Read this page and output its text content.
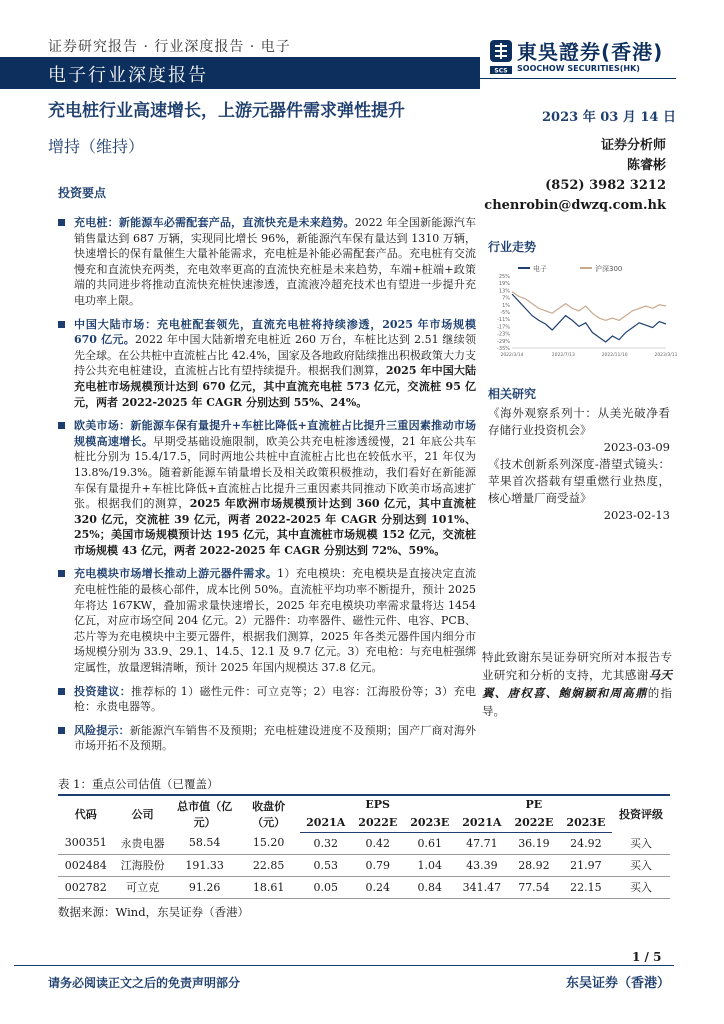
证券研究报告 · 行业深度报告 · 电子
电子行业深度报告	SCS
東吳證券(香港)
SOOCHOW SECURITIES(HK)
充电桩行业高速增长，上游元器件需求弹性提升	2023 年 03 月 14 日
增持（维持）	证券分析师
陈睿彬
(852) 3982 3212
chenrobin@dwzq.com.hk
投资要点
充电桩：新能源车必需配套产品，直流快充是未来趋势。2022 年全国新能源汽车销售量达到 687 万辆，实现同比增长 96%，新能源汽车保有量达到 1310 万辆，快速增长的保有量催生大量补能需求，充电桩是补能必需配套产品。充电桩有交流慢充和直流快充两类，充电效率更高的直流快充桩是未来趋势，车端+桩端+政策端的共同进步将推动直流快充桩快速渗透，直流液冷超充技术也有望进一步提升充电功率上限。
中国大陆市场：充电桩配套领先，直流充电桩将持续渗透，2025 年市场规模 670 亿元。2022 年中国大陆新增充电桩近 260 万台，车桩比达到 2.51 继续领先全球。在公共桩中直流桩占比 42.4%，国家及各地政府陆续推出积极政策大力支持公共充电桩建设，直流桩占比有望持续提升。根据我们测算，2025 年中国大陆充电桩市场规模预计达到 670 亿元，其中直流充电桩 573 亿元，交流桩 95 亿元，两者 2022-2025 年 CAGR 分别达到 55%、24%。
欧美市场：新能源车保有量提升+车桩比降低+直流桩占比提升三重因素推动市场规模高速增长。早期受基础设施限制，欧美公共充电桩渗透缓慢，21 年底公共车桩比分别为 15.4/17.5，同时两地公共桩中直流桩占比也在较低水平，21 年仅为 13.8%/19.3%。随着新能源车销量增长及相关政策积极推动，我们看好在新能源车保有量提升+车桩比降低+直流桩占比提升三重因素共同推动下欧美市场高速扩张。根据我们的测算，2025 年欧洲市场规模预计达到 360 亿元，其中直流桩 320 亿元，交流桩 39 亿元，两者 2022-2025 年 CAGR 分别达到 101%、25%；美国市场规模预计达 195 亿元，其中直流桩市场规模 152 亿元，交流桩市场规模 43 亿元，两者 2022-2025 年 CAGR 分别达到 72%、59%。
充电模块市场增长推动上游元器件需求。1）充电模块：充电模块是直接决定直流充电桩性能的最核心部件，成本比例 50%。直流桩平均功率不断提升，预计 2025 年将达 167KW，叠加需求量快速增长，2025 年充电模块功率需求量将达 1454 亿瓦，对应市场空间 204 亿元。2）元器件：功率器件、磁性元件、电容、PCB、芯片等为充电模块中主要元器件，根据我们测算，2025 年各类元器件国内细分市场规模分别为 33.9、29.1、14.5、12.1 及 9.7 亿元。3）充电枪：与充电桩强绑定属性，放量逻辑清晰，预计 2025 年国内规模达 37.8 亿元。
投资建议：推荐标的 1）磁性元件：可立克等；2）电容：江海股份等；3）充电枪：永贵电器等。
风险提示：新能源汽车销售不及预期；充电桩建设进度不及预期；国产厂商对海外市场开拓不及预期。
行业走势
电子	沪深300
25%
19%
13%
7%
1%
-5%
-11%
-17%
-23%
-29%
-35%
2022/3/14	2022/7/13	2022/11/10	2023/3/11
相关研究
《海外观察系列十：从美光破净看存储行业投资机会》
2023-03-09
《技术创新系列深度-潜望式镜头：苹果首次搭载有望重燃行业热度，核心增量厂商受益》
2023-02-13
特此致谢东吴证券研究所对本报告专业研究和分析的支持，尤其感谢马天翼、唐权喜、鲍娴颖和周高鼎的指导。
表 1：重点公司估值（已覆盖）
代码	公司	总市值（亿元）	收盘价（元）	EPS			PE			投资评级
				2021A	2022E	2023E	2021A	2022E	2023E	
300351	永贵电器	58.54	15.20	0.32	0.42	0.61	47.71	36.19	24.92	买入
002484	江海股份	191.33	22.85	0.53	0.79	1.04	43.39	28.92	21.97	买入
002782	可立克	91.26	18.61	0.05	0.24	0.84	341.47	77.54	22.15	买入
数据来源：Wind，东吴证券（香港）
1 / 5
请务必阅读正文之后的免责声明部分	东吴证券（香港）
